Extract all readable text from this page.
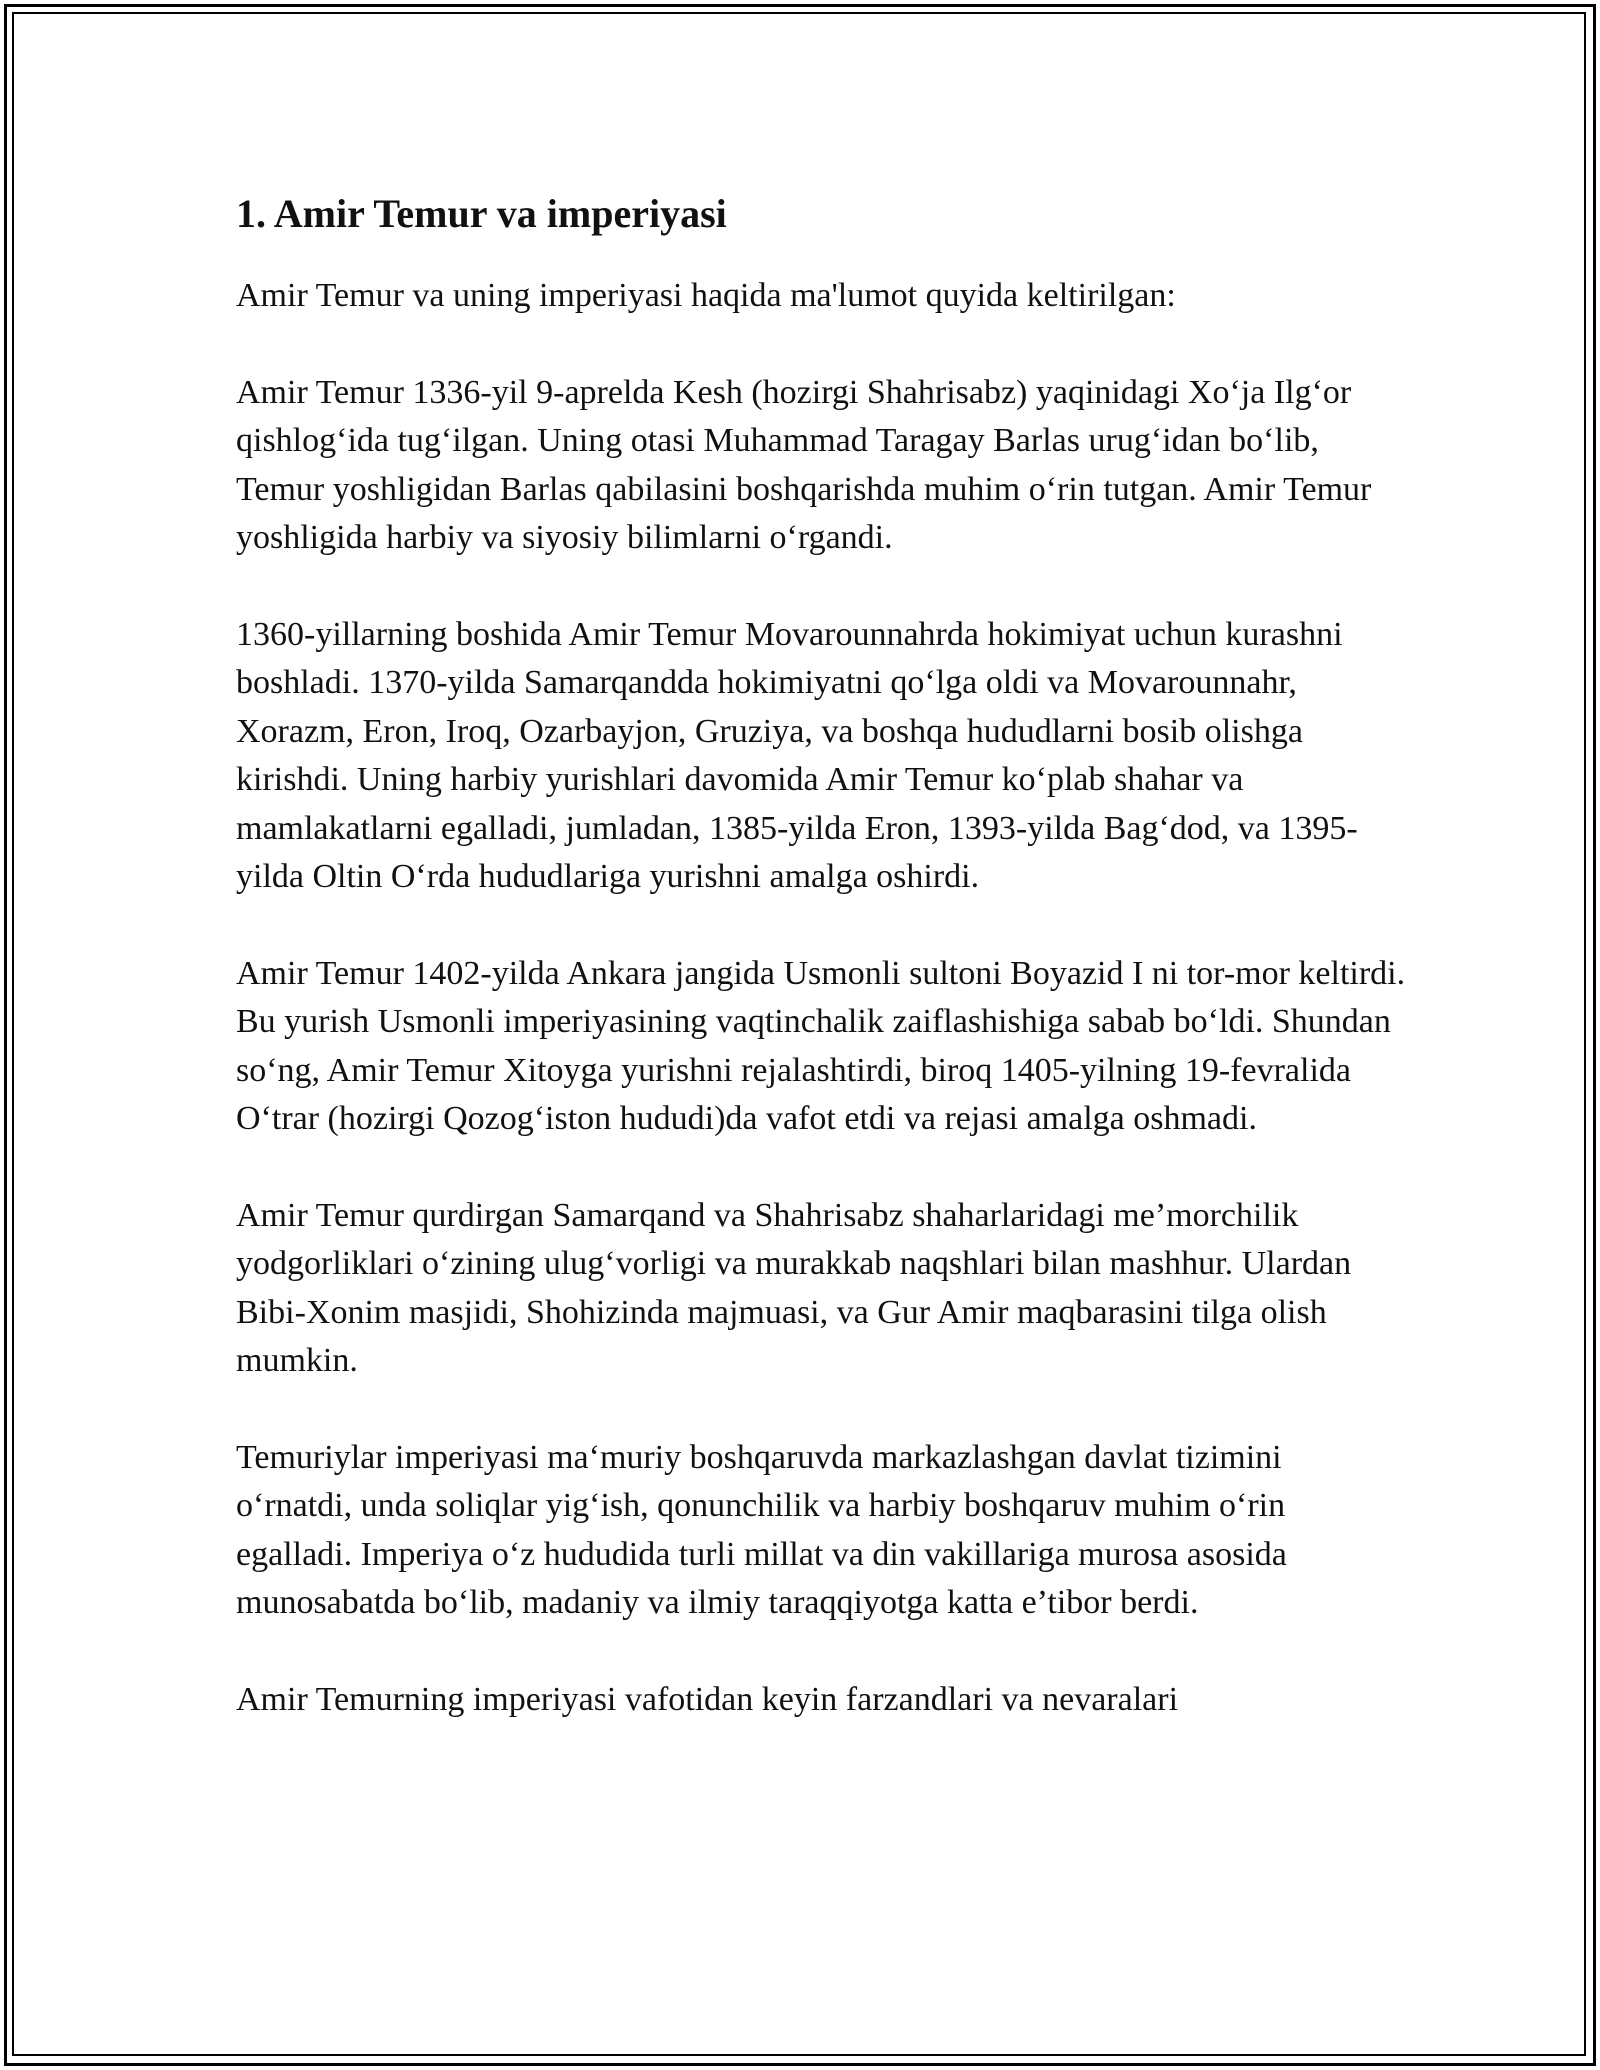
1. Amir Temur va imperiyasi

Amir Temur va uning imperiyasi haqida ma'lumot quyida keltirilgan:

Amir Temur 1336-yil 9-aprelda Kesh (hozirgi Shahrisabz) yaqinidagi Xo‘ja Ilg‘or qishlog‘ida tug‘ilgan. Uning otasi Muhammad Taragay Barlas urug‘idan bo‘lib, Temur yoshligidan Barlas qabilasini boshqarishda muhim o‘rin tutgan. Amir Temur yoshligida harbiy va siyosiy bilimlarni o‘rgandi.

1360-yillarning boshida Amir Temur Movarounnahrda hokimiyat uchun kurashni boshladi. 1370-yilda Samarqandda hokimiyatni qo‘lga oldi va Movarounnahr, Xorazm, Eron, Iroq, Ozarbayjon, Gruziya, va boshqa hududlarni bosib olishga kirishdi. Uning harbiy yurishlari davomida Amir Temur ko‘plab shahar va mamlakatlarni egalladi, jumladan, 1385-yilda Eron, 1393-yilda Bag‘dod, va 1395-yilda Oltin O‘rda hududlariga yurishni amalga oshirdi.

Amir Temur 1402-yilda Ankara jangida Usmonli sultoni Boyazid I ni tor-mor keltirdi. Bu yurish Usmonli imperiyasining vaqtinchalik zaiflashishiga sabab bo‘ldi. Shundan so‘ng, Amir Temur Xitoyga yurishni rejalashtirdi, biroq 1405-yilning 19-fevralida O‘trar (hozirgi Qozog‘iston hududi)da vafot etdi va rejasi amalga oshmadi.

Amir Temur qurdirgan Samarqand va Shahrisabz shaharlaridagi me’morchilik yodgorliklari o‘zining ulug‘vorligi va murakkab naqshlari bilan mashhur. Ulardan Bibi-Xonim masjidi, Shohizinda majmuasi, va Gur Amir maqbarasini tilga olish mumkin.

Temuriylar imperiyasi ma‘muriy boshqaruvda markazlashgan davlat tizimini o‘rnatdi, unda soliqlar yig‘ish, qonunchilik va harbiy boshqaruv muhim o‘rin egalladi. Imperiya o‘z hududida turli millat va din vakillariga murosa asosida munosabatda bo‘lib, madaniy va ilmiy taraqqiyotga katta e’tibor berdi.

Amir Temurning imperiyasi vafotidan keyin farzandlari va nevaralari
